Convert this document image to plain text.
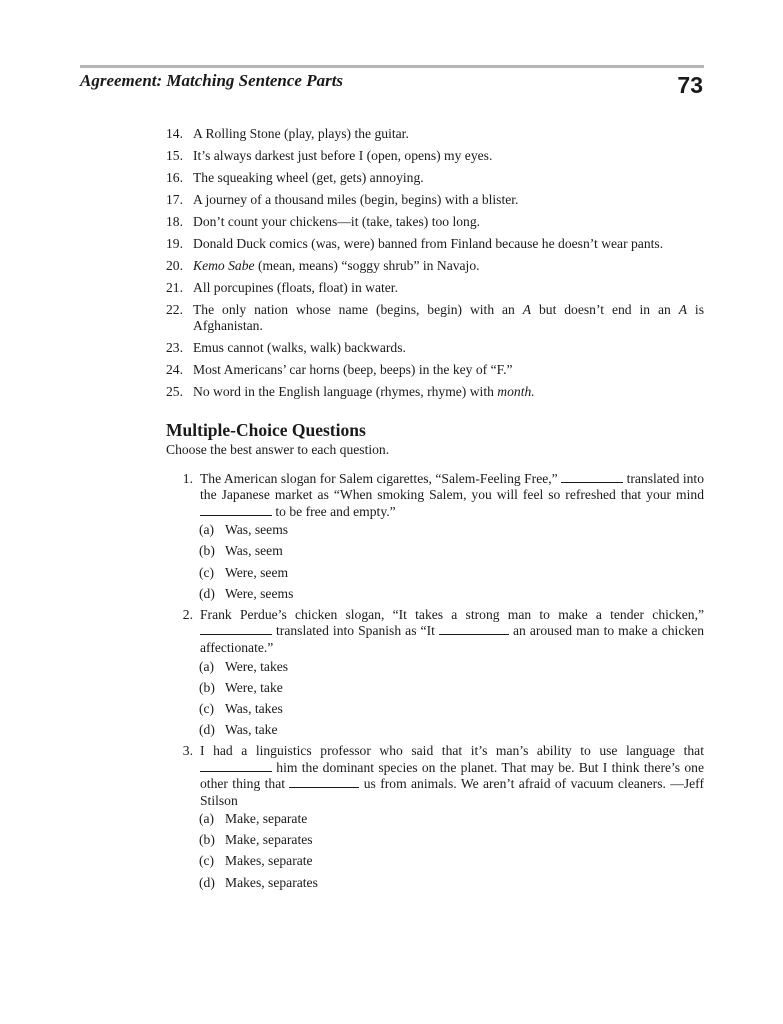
Agreement: Matching Sentence Parts	73
14. A Rolling Stone (play, plays) the guitar.
15. It’s always darkest just before I (open, opens) my eyes.
16. The squeaking wheel (get, gets) annoying.
17. A journey of a thousand miles (begin, begins) with a blister.
18. Don’t count your chickens—it (take, takes) too long.
19. Donald Duck comics (was, were) banned from Finland because he doesn’t wear pants.
20. Kemo Sabe (mean, means) “soggy shrub” in Navajo.
21. All porcupines (floats, float) in water.
22. The only nation whose name (begins, begin) with an A but doesn’t end in an A is Afghanistan.
23. Emus cannot (walks, walk) backwards.
24. Most Americans’ car horns (beep, beeps) in the key of “F.”
25. No word in the English language (rhymes, rhyme) with month.
Multiple-Choice Questions
Choose the best answer to each question.
1. The American slogan for Salem cigarettes, “Salem-Feeling Free,”	translated into the Japanese market as “When smoking Salem, you will feel so refreshed that your mind  to be free and empty.”
(a) Was, seems
(b) Was, seem
(c) Were, seem
(d) Were, seems
2. Frank Perdue’s chicken slogan, “It takes a strong man to make a tender chicken,”  translated into Spanish as “It	an aroused man to make a chicken affectionate.”
(a) Were, takes
(b) Were, take
(c) Was, takes
(d) Was, take
3. I had a linguistics professor who said that it’s man’s ability to use language that  him the dominant species on the planet. That may be. But I think there’s one other thing that	us from animals. We aren’t afraid of vacuum cleaners. —Jeff Stilson
(a) Make, separate
(b) Make, separates
(c) Makes, separate
(d) Makes, separates
